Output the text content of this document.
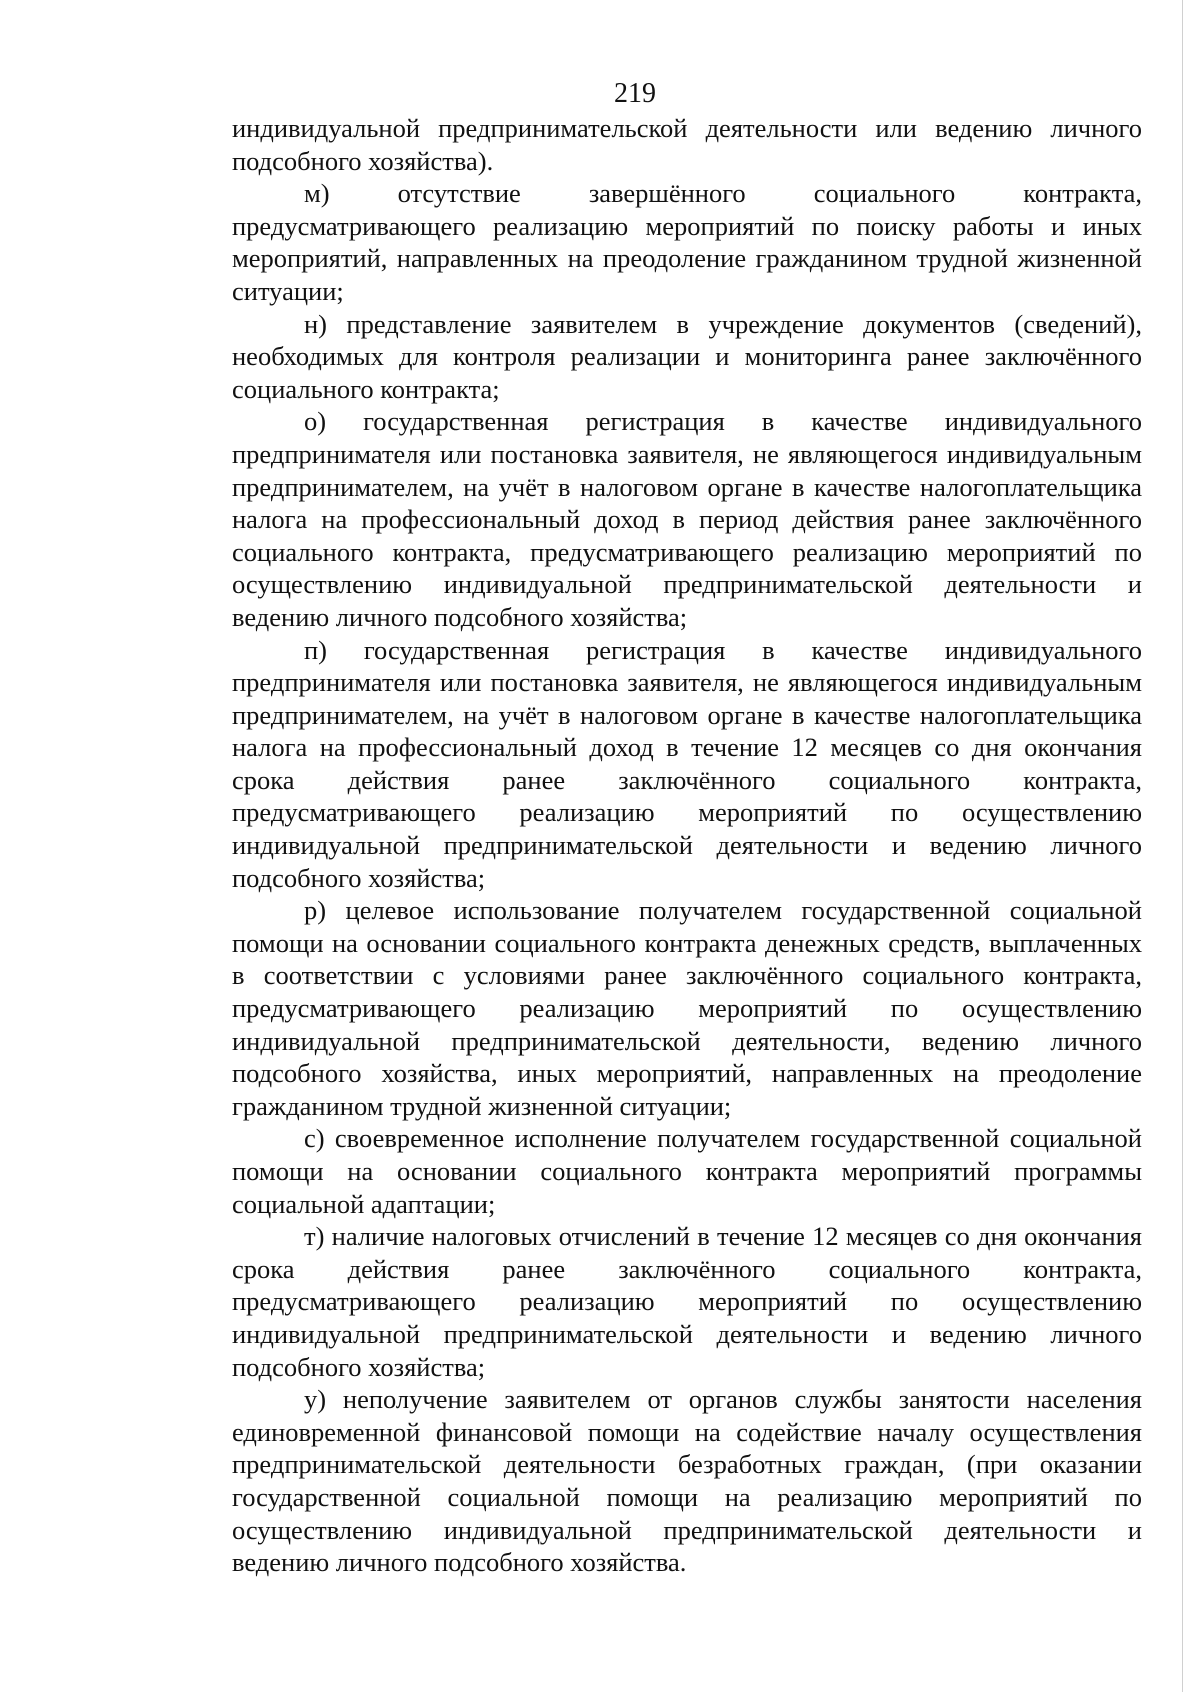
219

индивидуальной предпринимательской деятельности или ведению личного подсобного хозяйства).

м) отсутствие завершённого социального контракта, предусматривающего реализацию мероприятий по поиску работы и иных мероприятий, направленных на преодоление гражданином трудной жизненной ситуации;

н) представление заявителем в учреждение документов (сведений), необходимых для контроля реализации и мониторинга ранее заключённого социального контракта;

о) государственная регистрация в качестве индивидуального предпринимателя или постановка заявителя, не являющегося индивидуальным предпринимателем, на учёт в налоговом органе в качестве налогоплательщика налога на профессиональный доход в период действия ранее заключённого социального контракта, предусматривающего реализацию мероприятий по осуществлению индивидуальной предпринимательской деятельности и ведению личного подсобного хозяйства;

п) государственная регистрация в качестве индивидуального предпринимателя или постановка заявителя, не являющегося индивидуальным предпринимателем, на учёт в налоговом органе в качестве налогоплательщика налога на профессиональный доход в течение 12 месяцев со дня окончания срока действия ранее заключённого социального контракта, предусматривающего реализацию мероприятий по осуществлению индивидуальной предпринимательской деятельности и ведению личного подсобного хозяйства;

р) целевое использование получателем государственной социальной помощи на основании социального контракта денежных средств, выплаченных в соответствии с условиями ранее заключённого социального контракта, предусматривающего реализацию мероприятий по осуществлению индивидуальной предпринимательской деятельности, ведению личного подсобного хозяйства, иных мероприятий, направленных на преодоление гражданином трудной жизненной ситуации;

с) своевременное исполнение получателем государственной социальной помощи на основании социального контракта мероприятий программы социальной адаптации;

т) наличие налоговых отчислений в течение 12 месяцев со дня окончания срока действия ранее заключённого социального контракта, предусматривающего реализацию мероприятий по осуществлению индивидуальной предпринимательской деятельности и ведению личного подсобного хозяйства;

у) неполучение заявителем от органов службы занятости населения единовременной финансовой помощи на содействие началу осуществления предпринимательской деятельности безработных граждан, (при оказании государственной социальной помощи на реализацию мероприятий по осуществлению индивидуальной предпринимательской деятельности и ведению личного подсобного хозяйства.
